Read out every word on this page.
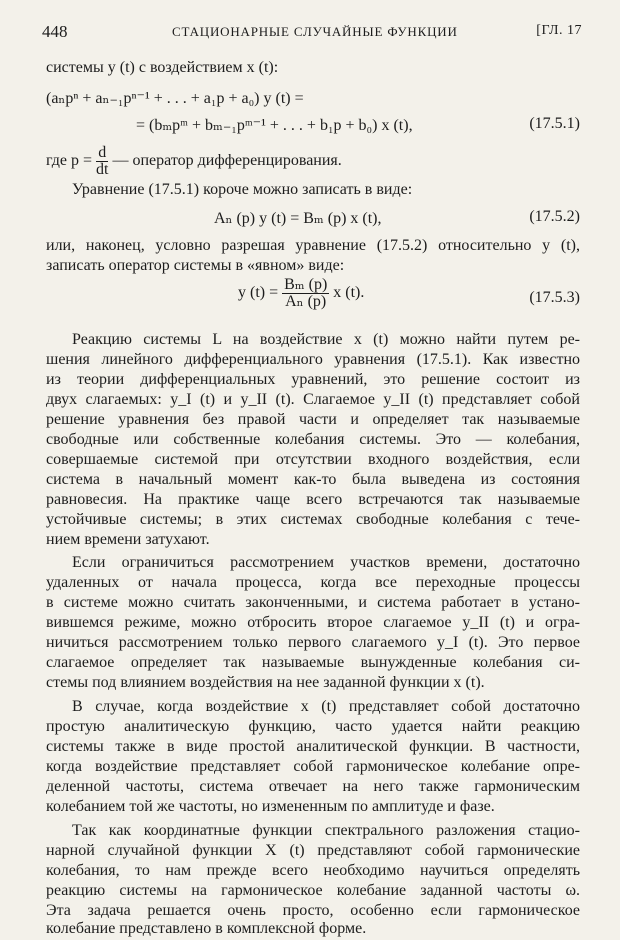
448	СТАЦИОНАРНЫЕ СЛУЧАЙНЫЕ ФУНКЦИИ	[ГЛ. 17
системы y (t) с воздействием x (t):
(aₙpⁿ + aₙ₋₁pⁿ⁻¹ + . . . + a₁p + a₀) y (t) =
= (bₘpᵐ + bₘ₋₁pᵐ⁻¹ + . . . + b₁p + b₀) x (t),	(17.5.1)
где $p = \frac{d}{dt}$ — оператор дифференцирования.
Уравнение (17.5.1) короче можно записать в виде:
Aₙ (p) y (t) = Bₘ (p) x (t),	(17.5.2)
или, наконец, условно разрешая уравнение (17.5.2) относительно y (t),
записать оператор системы в «явном» виде:
y $(t) = \frac{\text{Bₘ (p)}}{\text{Aₙ (p)}}$ x (t).	(17.5.3)
Реакцию системы L на воздействие x (t) можно найти путем ре-
шения линейного дифференциального уравнения (17.5.1). Как известно
из теории дифференциальных уравнений, это решение состоит из
двух слагаемых: y_I (t) и y_II (t). Слагаемое y_II (t) представляет собой
решение уравнения без правой части и определяет так называемые
свободные или собственные колебания системы. Это — колебания,
совершаемые системой при отсутствии входного воздействия, если
система в начальный момент как-то была выведена из состояния
равновесия. На практике чаще всего встречаются так называемые
устойчивые системы; в этих системах свободные колебания с тече-
нием времени затухают.
Если ограничиться рассмотрением участков времени, достаточно
удаленных от начала процесса, когда все переходные процессы
в системе можно считать законченными, и система работает в устано-
вившемся режиме, можно отбросить второе слагаемое y_II (t) и огра-
ничиться рассмотрением только первого слагаемого y_I (t). Это первое
слагаемое определяет так называемые вынужденные колебания си-
стемы под влиянием воздействия на нее заданной функции x (t).
В случае, когда воздействие x (t) представляет собой достаточно
простую аналитическую функцию, часто удается найти реакцию
системы также в виде простой аналитической функции. В частности,
когда воздействие представляет собой гармоническое колебание опре-
деленной частоты, система отвечает на него также гармоническим
колебанием той же частоты, но измененным по амплитуде и фазе.
Так как координатные функции спектрального разложения стацио-
нарной случайной функции X (t) представляют собой гармонические
колебания, то нам прежде всего необходимо научиться определять
реакцию системы на гармоническое колебание заданной частоты ω.
Эта задача решается очень просто, особенно если гармоническое
колебание представлено в комплексной форме.
